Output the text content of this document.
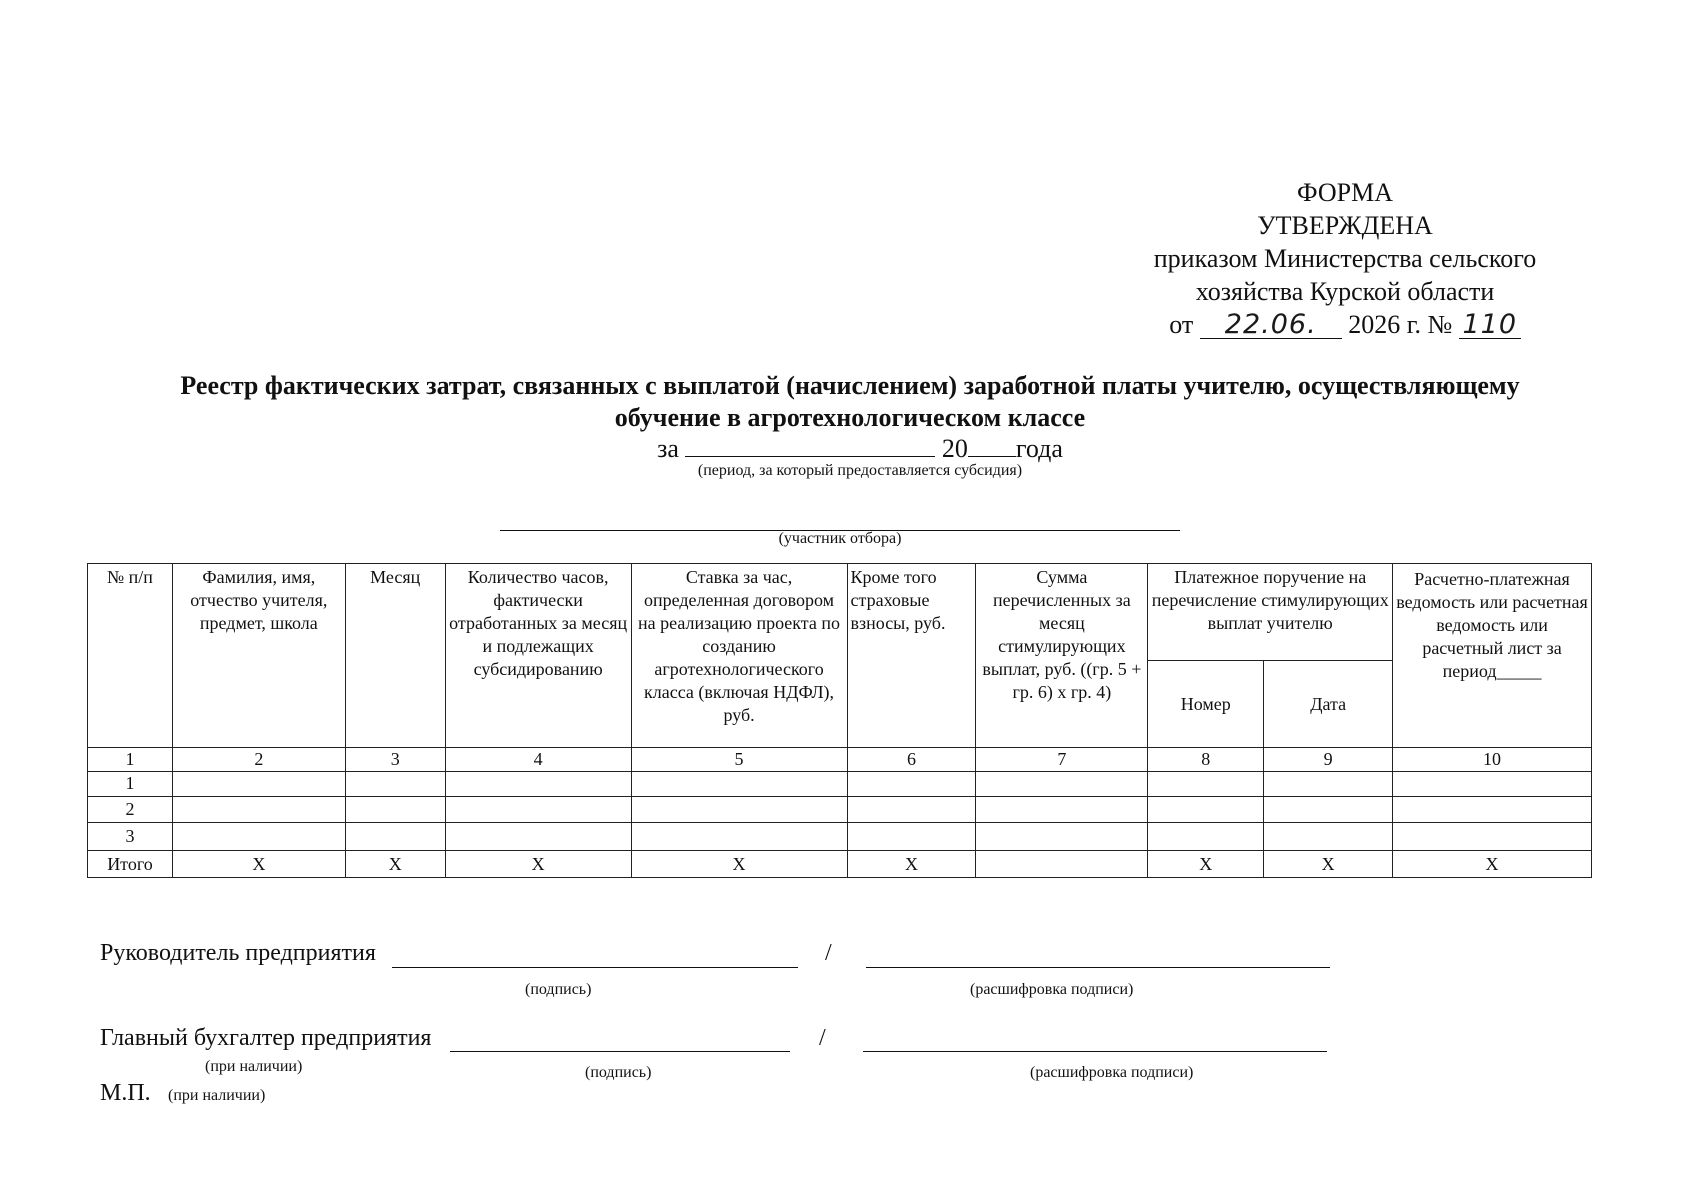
ФОРМА
УТВЕРЖДЕНА
приказом Министерства сельского
хозяйства Курской области
от 22.06. 2026 г. № 110
Реестр фактических затрат, связанных с выплатой (начислением) заработной платы учителю, осуществляющему
обучение в агротехнологическом классе
за	20 года
(период, за который предоставляется субсидия)
(участник отбора)
№ п/п	Фамилия, имя, отчество учителя, предмет, школа	Месяц	Количество часов, фактически отработанных за месяц и подлежащих субсидированию	Ставка за час, определенная договором на реализацию проекта по созданию агротехнологического класса (включая НДФЛ), руб.	Кроме того страховые взносы, руб.	Сумма перечисленных за месяц стимулирующих выплат, руб. ((гр. 5 + гр. 6) х гр. 4)	Платежное поручение на перечисление стимулирующих выплат учителю		Расчетно-платежная ведомость или расчетная ведомость или расчетный лист за период_____
							Номер	Дата	
1	2	3	4	5	6	7	8	9	10
1									
2									
3									
Итого	Х	Х	Х	Х	Х		Х	Х	Х
Руководитель предприятия	/
(подпись)	(расшифровка подписи)
Главный бухгалтер предприятия	/
(при наличии)	(подпись)	(расшифровка подписи)
М.П. (при наличии)
